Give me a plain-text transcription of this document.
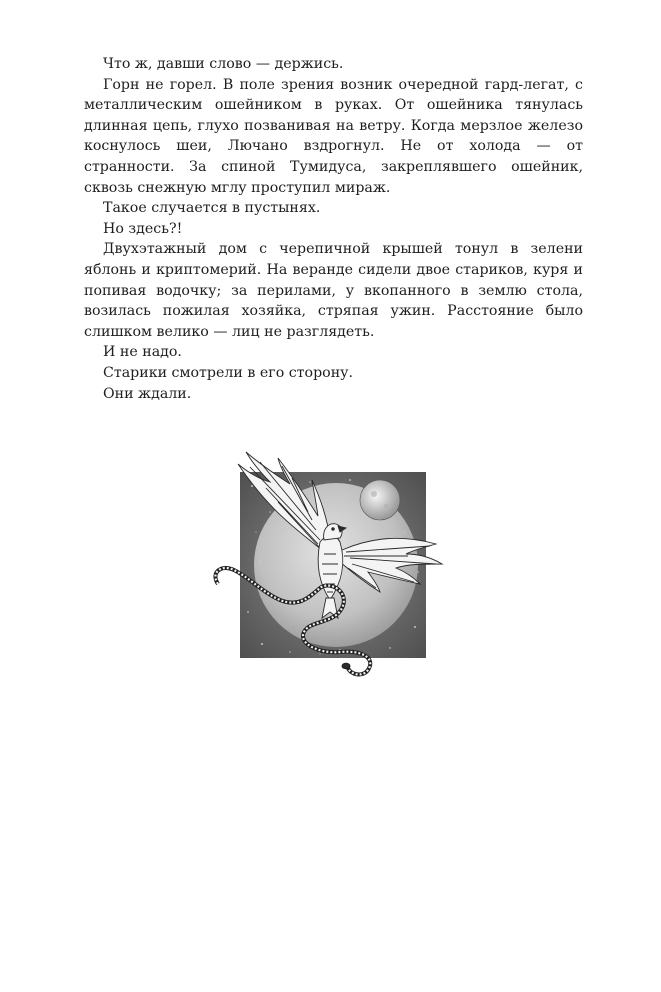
Что ж, давши слово — держись.

Горн не горел. В поле зрения возник очередной гард-легат, с металлическим ошейником в руках. От ошейника тянулась длинная цепь, глухо позванивая на ветру. Когда мерзлое железо коснулось шеи, Лючано вздрогнул. Не от холода — от странности. За спиной Тумидуса, закреплявшего ошейник, сквозь снежную мглу проступил мираж.

Такое случается в пустынях.

Но здесь?!

Двухэтажный дом с черепичной крышей тонул в зелени яблонь и криптомерий. На веранде сидели двое стариков, куря и попивая водочку; за перилами, у вкопанного в землю стола, возилась пожилая хозяйка, стряпая ужин. Расстояние было слишком велико — лиц не разглядеть.

И не надо.

Старики смотрели в его сторону.

Они ждали.
